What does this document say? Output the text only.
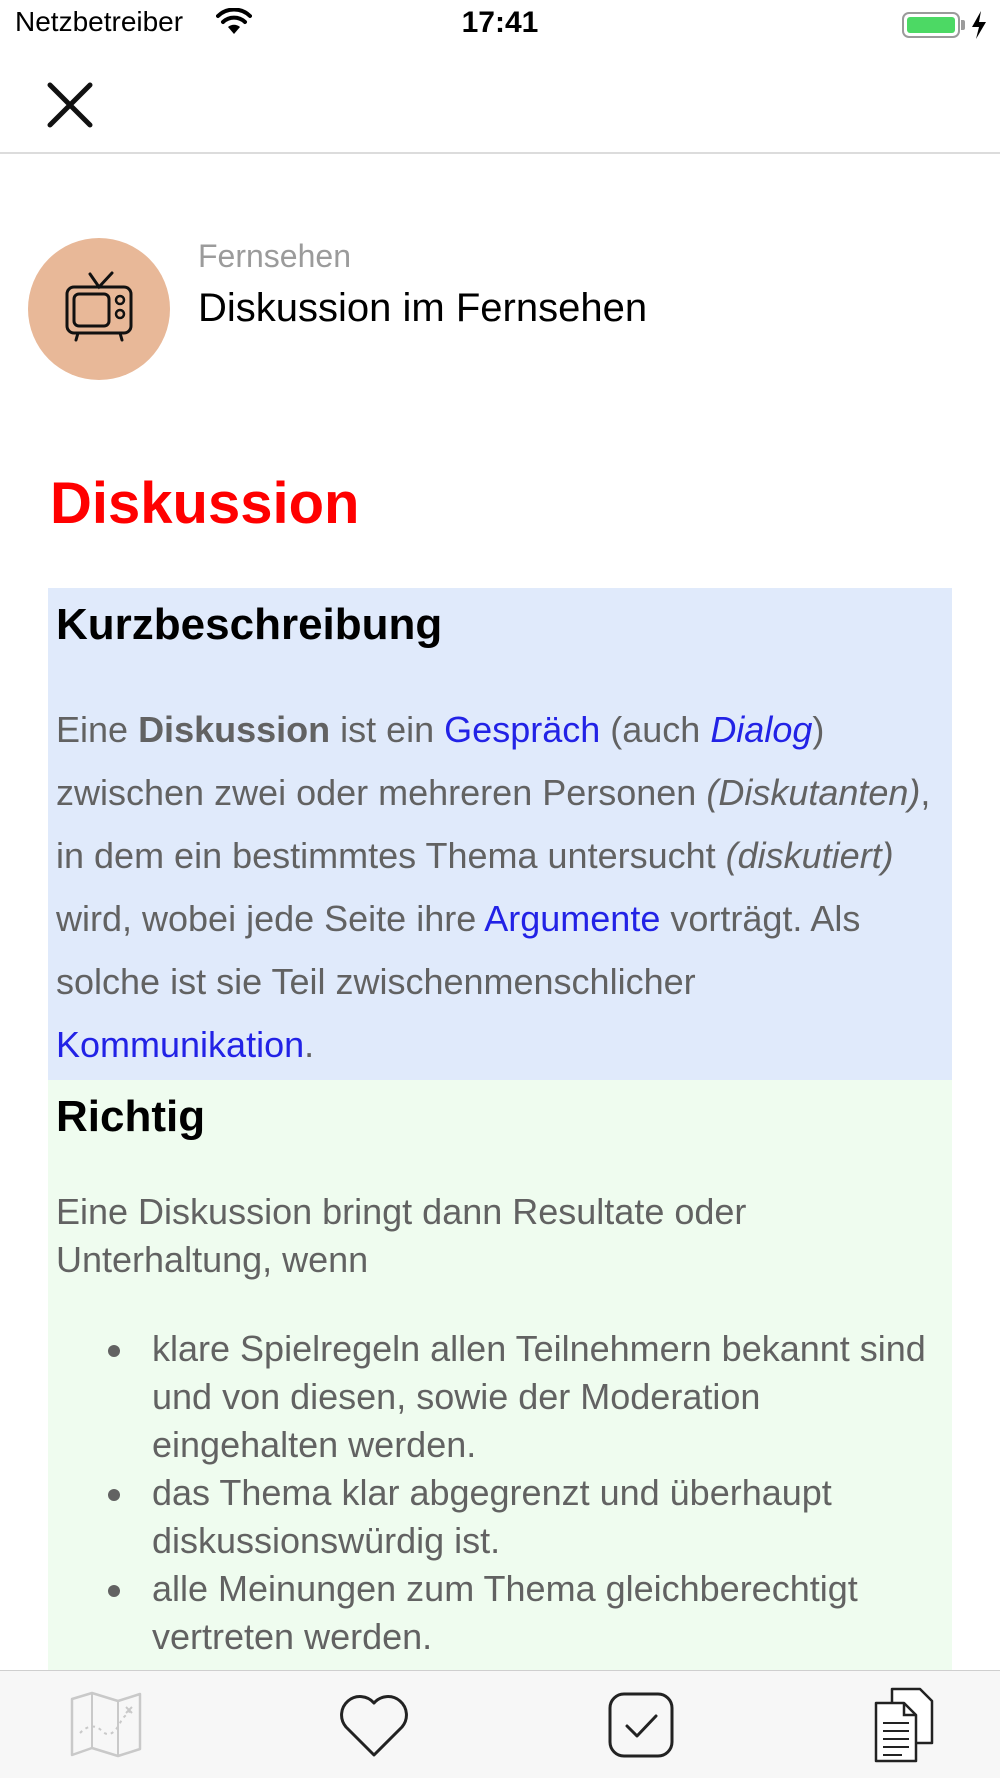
Netzbetreiber	17:41
Fernsehen
Diskussion im Fernsehen
Diskussion
Kurzbeschreibung
Eine Diskussion ist ein Gespräch (auch Dialog) zwischen zwei oder mehreren Personen (Diskutanten), in dem ein bestimmtes Thema untersucht (diskutiert) wird, wobei jede Seite ihre Argumente vorträgt. Als solche ist sie Teil zwischenmenschlicher Kommunikation.
Richtig
Eine Diskussion bringt dann Resultate oder Unterhaltung, wenn
klare Spielregeln allen Teilnehmern bekannt sind und von diesen, sowie der Moderation eingehalten werden.
das Thema klar abgegrenzt und überhaupt diskussionswürdig ist.
alle Meinungen zum Thema gleichberechtigt vertreten werden.
